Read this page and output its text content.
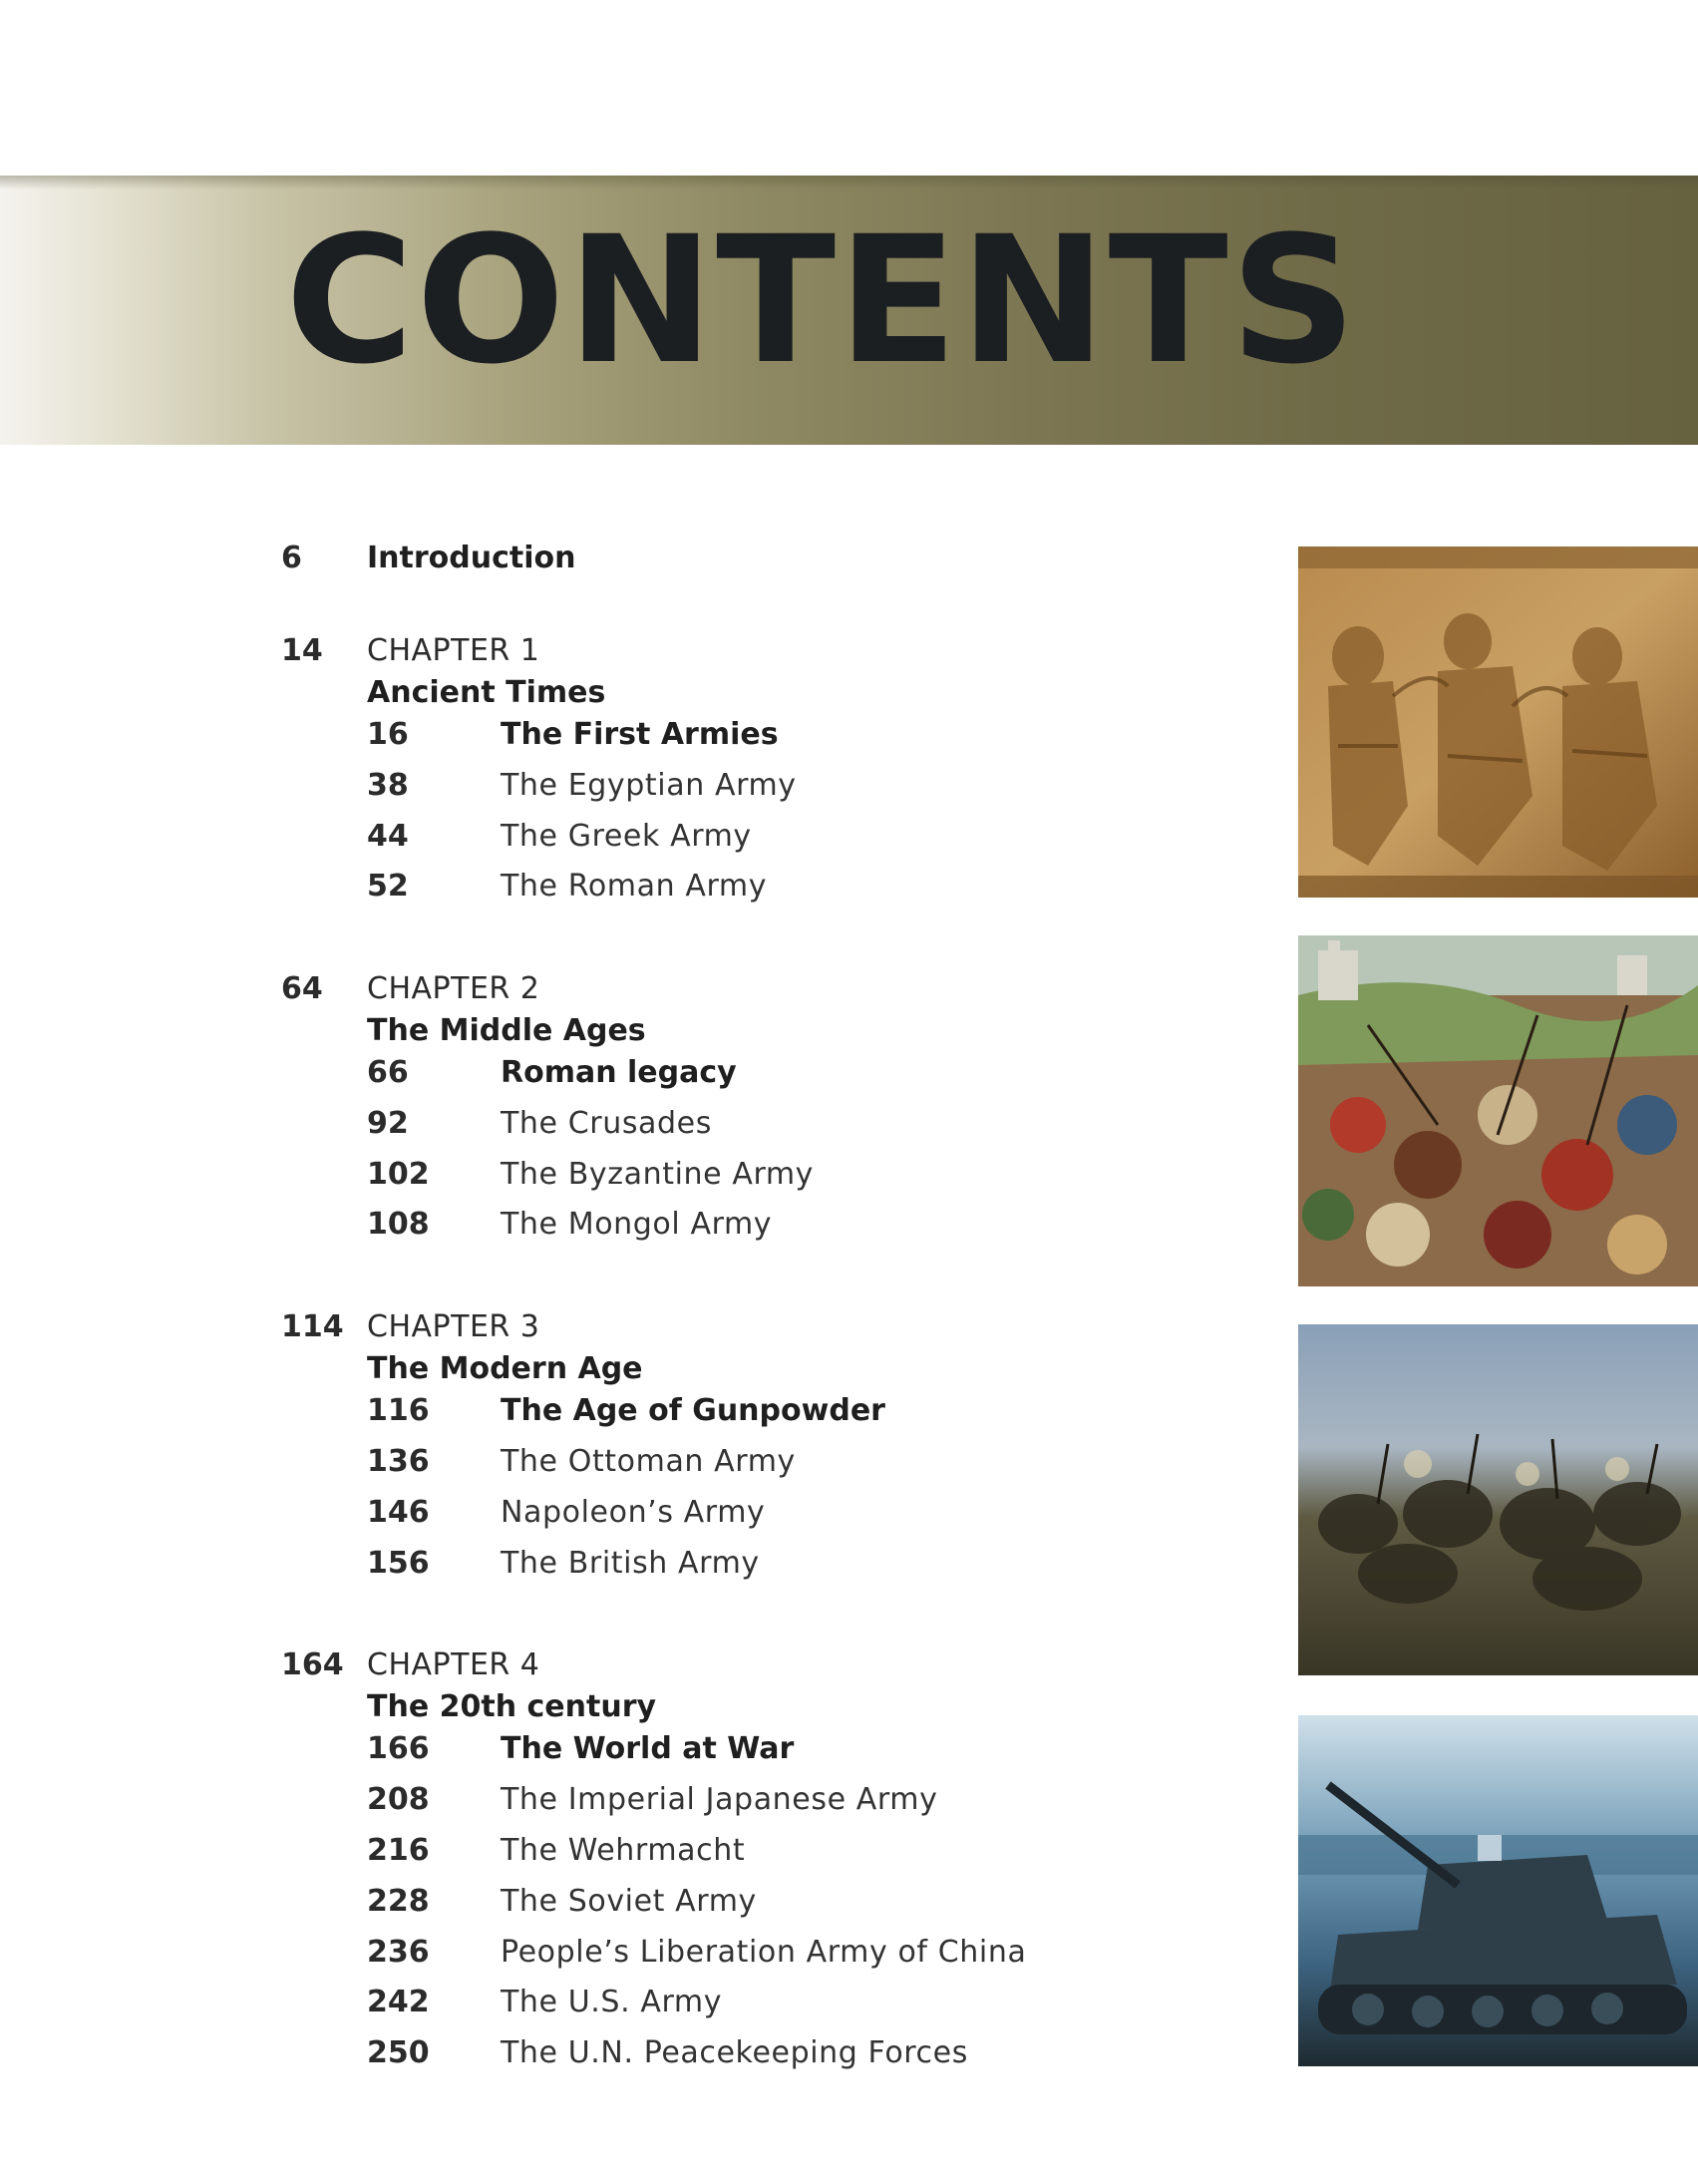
CONTENTS
6 Introduction
14 CHAPTER 1
Ancient Times
16	The First Armies
38	The Egyptian Army
44	The Greek Army
52	The Roman Army
64 CHAPTER 2
The Middle Ages
66	Roman legacy
92	The Crusades
102 The Byzantine Army
108 The Mongol Army
114 CHAPTER 3
The Modern Age
116 The Age of Gunpowder
136 The Ottoman Army
146 Napoleon’s Army
156 The British Army
164 CHAPTER 4
The 20th century
166 The World at War
208 The Imperial Japanese Army
216 The Wehrmacht
228 The Soviet Army
236 People’s Liberation Army of China
242 The U.S. Army
250 The U.N. Peacekeeping Forces
